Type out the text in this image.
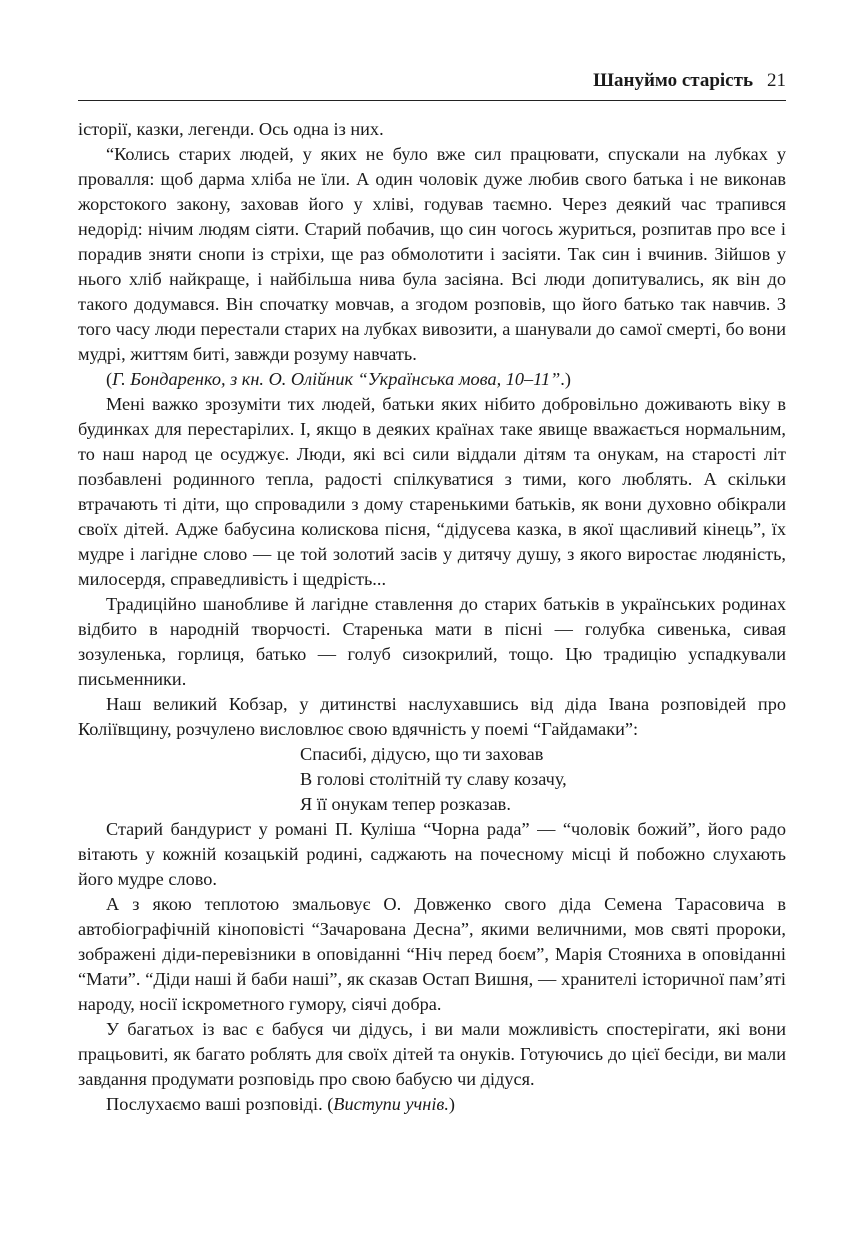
Шануймо старість 21

історії, казки, легенди. Ось одна із них.

“Колись старих людей, у яких не було вже сил працювати, спускали на лубках у провалля: щоб дарма хліба не їли. А один чоловік дуже любив свого батька і не виконав жорстокого закону, заховав його у хліві, годував таємно. Через деякий час трапився недорід: нічим людям сіяти. Старий побачив, що син чогось журиться, розпитав про все і порадив зняти снопи із стріхи, ще раз обмолотити і засіяти. Так син і вчинив. Зійшов у нього хліб найкраще, і найбільша нива була засіяна. Всі люди допитувались, як він до такого додумався. Він спочатку мовчав, а згодом розповів, що його батько так навчив. З того часу люди перестали старих на лубках вивозити, а шанували до самої смерті, бо вони мудрі, життям биті, завжди розуму навчать.

(Г. Бондаренко, з кн. О. Олійник “Українська мова, 10–11”.)

Мені важко зрозуміти тих людей, батьки яких нібито добровільно доживають віку в будинках для перестарілих. І, якщо в деяких країнах таке явище вважається нормальним, то наш народ це осуджує. Люди, які всі сили віддали дітям та онукам, на старості літ позбавлені родинного тепла, радості спілкуватися з тими, кого люблять. А скільки втрачають ті діти, що спровадили з дому старенькими батьків, як вони духовно обікрали своїх дітей. Адже бабусина колискова пісня, “дідусева казка, в якої щасливий кінець”, їх мудре і лагідне слово — це той золотий засів у дитячу душу, з якого виростає людяність, милосердя, справедливість і щедрість...

Традиційно шанобливе й лагідне ставлення до старих батьків в українських родинах відбито в народній творчості. Старенька мати в пісні — голубка сивенька, сивая зозуленька, горлиця, батько — голуб сизокрилий, тощо. Цю традицію успадкували письменники.

Наш великий Кобзар, у дитинстві наслухавшись від діда Івана розповідей про Коліївщину, розчулено висловлює свою вдячність у поемі “Гайдамаки”:

Спасибі, дідусю, що ти заховав
В голові столітній ту славу козачу,
Я її онукам тепер розказав.

Старий бандурист у романі П. Куліша “Чорна рада” — “чоловік божий”, його радо вітають у кожній козацькій родині, саджають на почесному місці й побожно слухають його мудре слово.

А з якою теплотою змальовує О. Довженко свого діда Семена Тарасовича в автобіографічній кіноповісті “Зачарована Десна”, якими величними, мов святі пророки, зображені діди-перевізники в оповіданні “Ніч перед боєм”, Марія Стояниха в оповіданні “Мати”. “Діди наші й баби наші”, як сказав Остап Вишня, — хранителі історичної пам’яті народу, носії іскрометного гумору, сіячі добра.

У багатьох із вас є бабуся чи дідусь, і ви мали можливість спостерігати, які вони працьовиті, як багато роблять для своїх дітей та онуків. Готуючись до цієї бесіди, ви мали завдання продумати розповідь про свою бабусю чи дідуся.

Послухаємо ваші розповіді. (Виступи учнів.)
